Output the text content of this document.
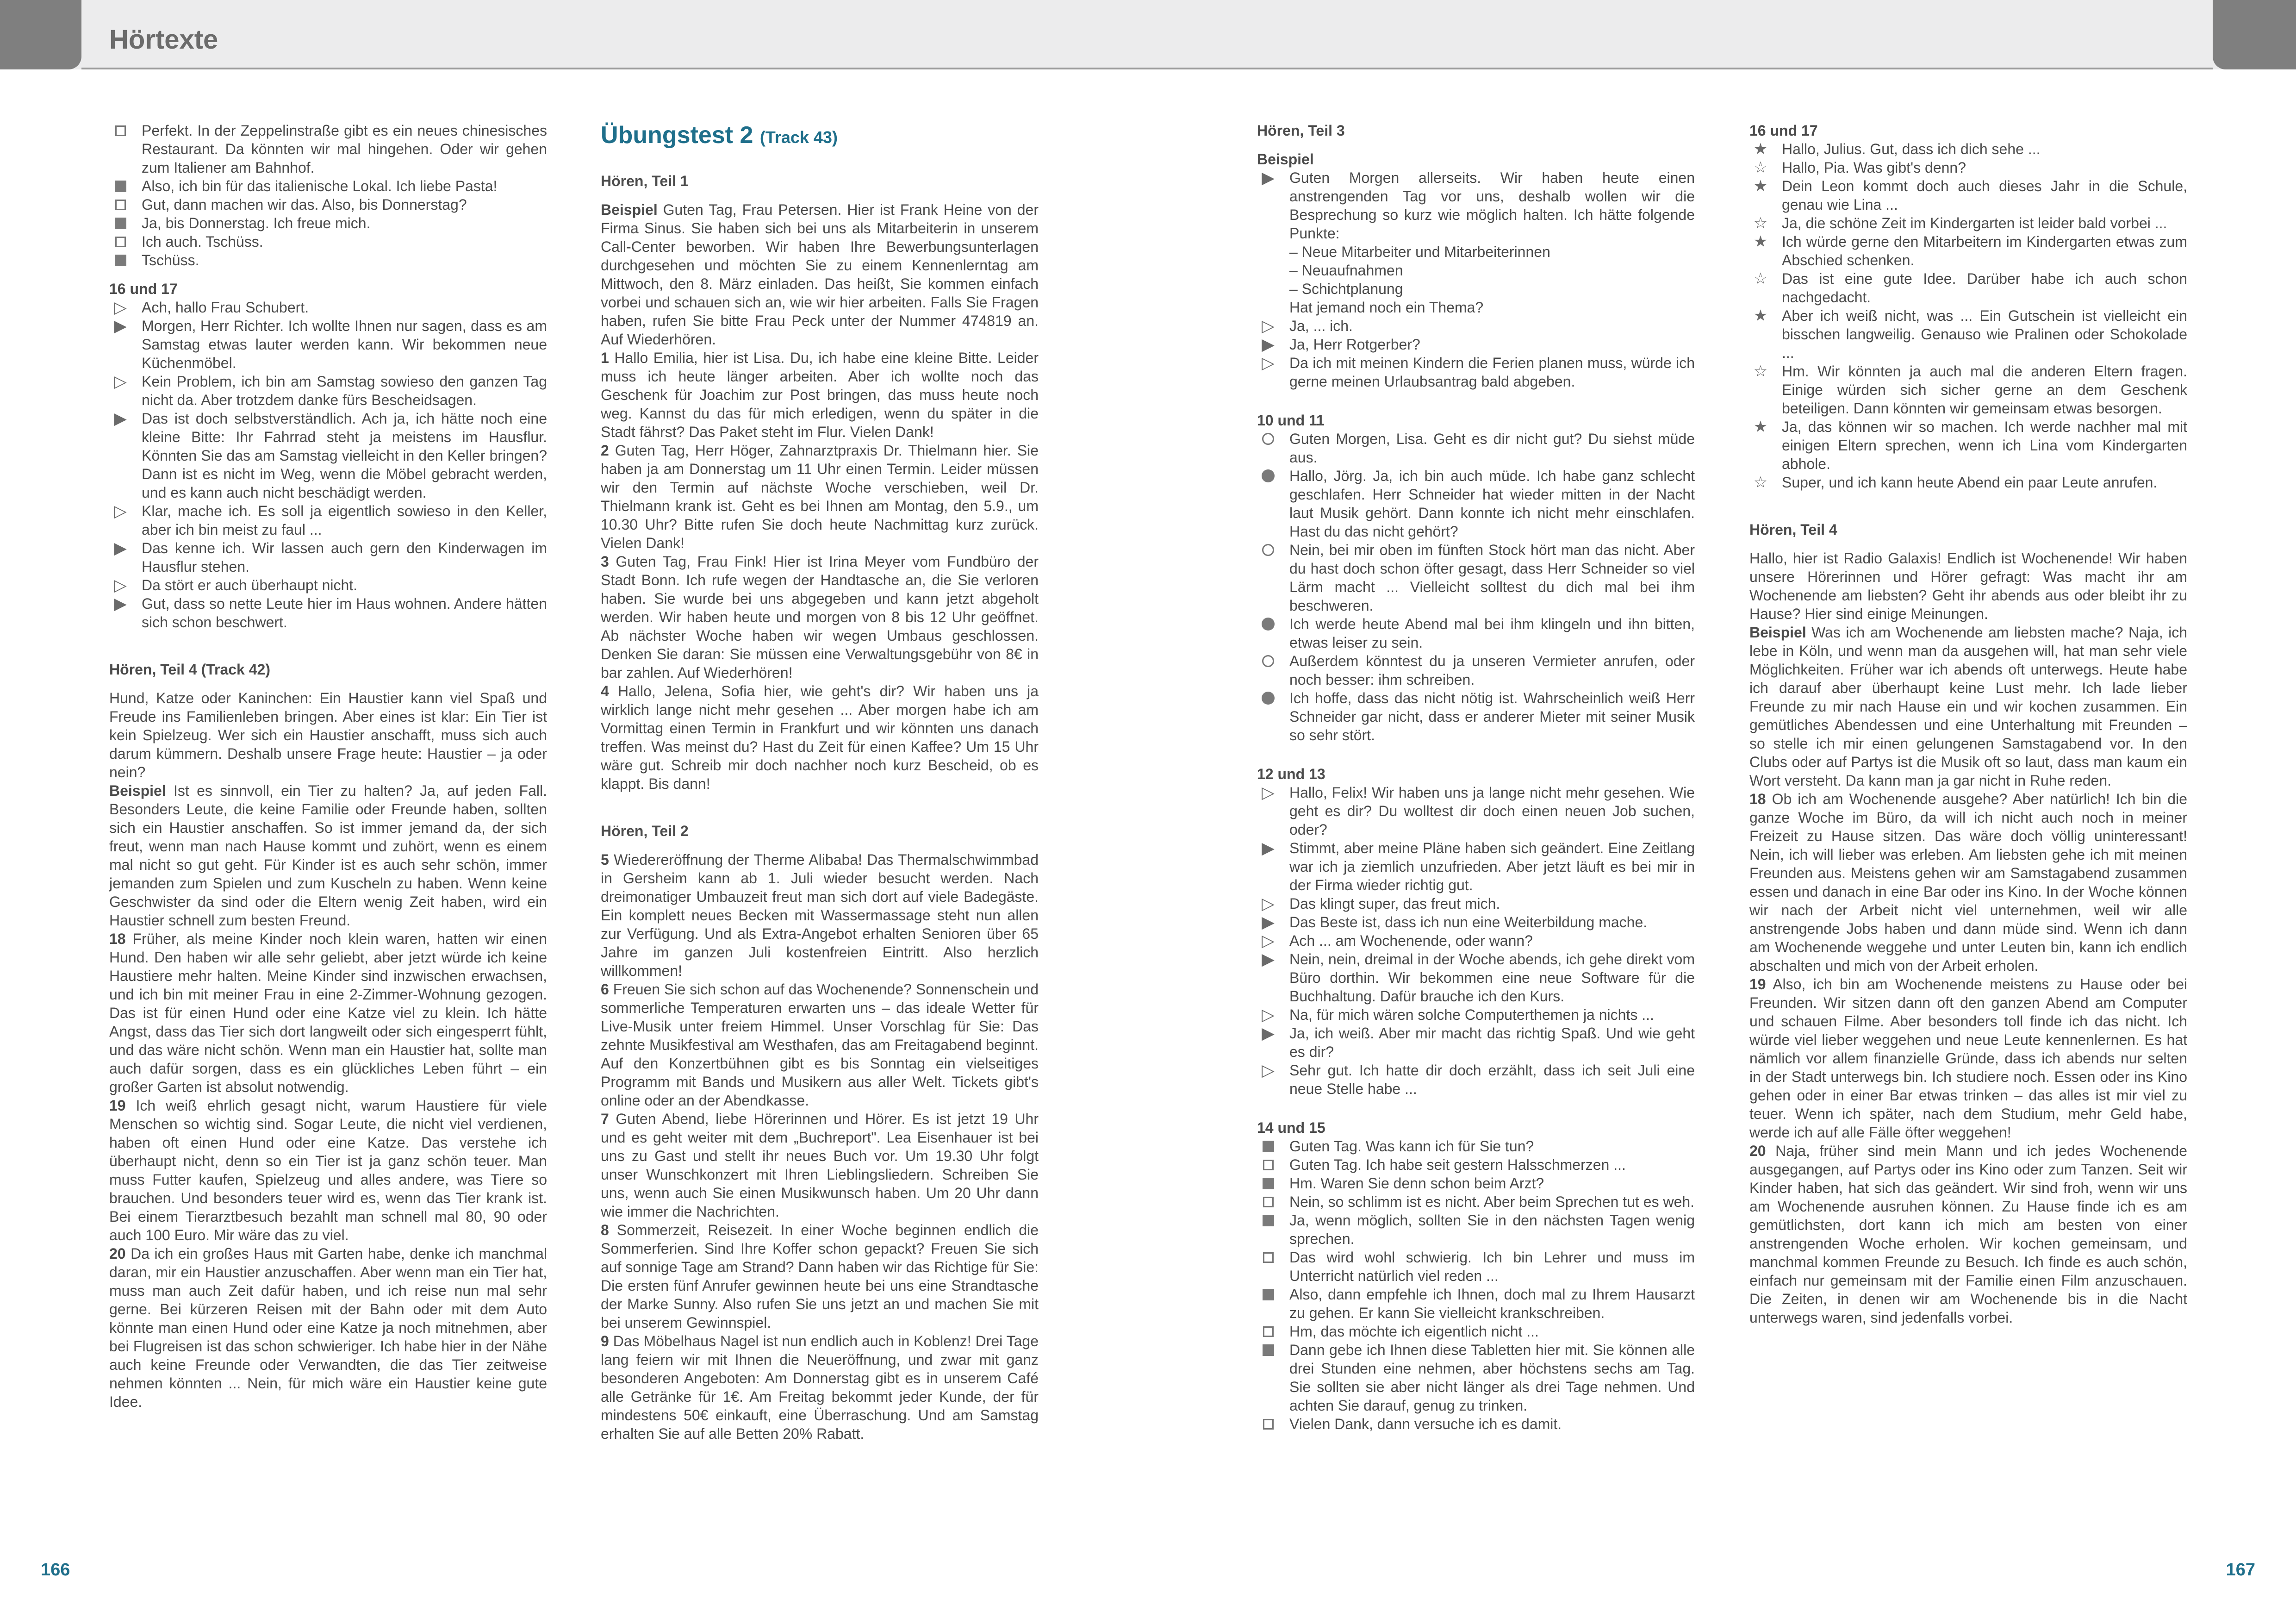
Hörtexte

Perfekt. In der Zeppelinstraße gibt es ein neues chinesisches Restaurant. Da könnten wir mal hingehen. Oder wir gehen zum Italiener am Bahnhof.

Also, ich bin für das italienische Lokal. Ich liebe Pasta!

Gut, dann machen wir das. Also, bis Donnerstag?

Ja, bis Donnerstag. Ich freue mich.

Ich auch. Tschüss.

Tschüss.

16 und 17

▷ Ach, hallo Frau Schubert.

▶ Morgen, Herr Richter. Ich wollte Ihnen nur sagen, dass es am Samstag etwas lauter werden kann. Wir bekommen neue Küchenmöbel.

▷ Kein Problem, ich bin am Samstag sowieso den ganzen Tag nicht da. Aber trotzdem danke fürs Bescheidsagen.

▶ Das ist doch selbstverständlich. Ach ja, ich hätte noch eine kleine Bitte: Ihr Fahrrad steht ja meistens im Hausflur. Könnten Sie das am Samstag vielleicht in den Keller bringen? Dann ist es nicht im Weg, wenn die Möbel gebracht werden, und es kann auch nicht beschädigt werden.

▷ Klar, mache ich. Es soll ja eigentlich sowieso in den Keller, aber ich bin meist zu faul ...

▶ Das kenne ich. Wir lassen auch gern den Kinderwagen im Hausflur stehen.

▷ Da stört er auch überhaupt nicht.

▶ Gut, dass so nette Leute hier im Haus wohnen. Andere hätten sich schon beschwert.

Hören, Teil 4 (Track 42)

Hund, Katze oder Kaninchen: Ein Haustier kann viel Spaß und Freude ins Familienleben bringen. Aber eines ist klar: Ein Tier ist kein Spielzeug. Wer sich ein Haustier anschafft, muss sich auch darum kümmern. Deshalb unsere Frage heute: Haustier – ja oder nein?

Beispiel Ist es sinnvoll, ein Tier zu halten? Ja, auf jeden Fall. Besonders Leute, die keine Familie oder Freunde haben, sollten sich ein Haustier anschaffen. So ist immer jemand da, der sich freut, wenn man nach Hause kommt und zuhört, wenn es einem mal nicht so gut geht. Für Kinder ist es auch sehr schön, immer jemanden zum Spielen und zum Kuscheln zu haben. Wenn keine Geschwister da sind oder die Eltern wenig Zeit haben, wird ein Haustier schnell zum besten Freund.

18 Früher, als meine Kinder noch klein waren, hatten wir einen Hund. Den haben wir alle sehr geliebt, aber jetzt würde ich keine Haustiere mehr halten. Meine Kinder sind inzwischen erwachsen, und ich bin mit meiner Frau in eine 2-Zimmer-Wohnung gezogen. Das ist für einen Hund oder eine Katze viel zu klein. Ich hätte Angst, dass das Tier sich dort langweilt oder sich eingesperrt fühlt, und das wäre nicht schön. Wenn man ein Haustier hat, sollte man auch dafür sorgen, dass es ein glückliches Leben führt – ein großer Garten ist absolut notwendig.

19 Ich weiß ehrlich gesagt nicht, warum Haustiere für viele Menschen so wichtig sind. Sogar Leute, die nicht viel verdienen, haben oft einen Hund oder eine Katze. Das verstehe ich überhaupt nicht, denn so ein Tier ist ja ganz schön teuer. Man muss Futter kaufen, Spielzeug und alles andere, was Tiere so brauchen. Und besonders teuer wird es, wenn das Tier krank ist. Bei einem Tierarztbesuch bezahlt man schnell mal 80, 90 oder auch 100 Euro. Mir wäre das zu viel.

20 Da ich ein großes Haus mit Garten habe, denke ich manchmal daran, mir ein Haustier anzuschaffen. Aber wenn man ein Tier hat, muss man auch Zeit dafür haben, und ich reise nun mal sehr gerne. Bei kürzeren Reisen mit der Bahn oder mit dem Auto könnte man einen Hund oder eine Katze ja noch mitnehmen, aber bei Flugreisen ist das schon schwieriger. Ich habe hier in der Nähe auch keine Freunde oder Verwandten, die das Tier zeitweise nehmen könnten ... Nein, für mich wäre ein Haustier keine gute Idee.

Übungstest 2 (Track 43)

Hören, Teil 1

Beispiel Guten Tag, Frau Petersen. Hier ist Frank Heine von der Firma Sinus. Sie haben sich bei uns als Mitarbeiterin in unserem Call-Center beworben. Wir haben Ihre Bewerbungsunterlagen durchgesehen und möchten Sie zu einem Kennenlerntag am Mittwoch, den 8. März einladen. Das heißt, Sie kommen einfach vorbei und schauen sich an, wie wir hier arbeiten. Falls Sie Fragen haben, rufen Sie bitte Frau Peck unter der Nummer 474819 an. Auf Wiederhören.

1 Hallo Emilia, hier ist Lisa. Du, ich habe eine kleine Bitte. Leider muss ich heute länger arbeiten. Aber ich wollte noch das Geschenk für Joachim zur Post bringen, das muss heute noch weg. Kannst du das für mich erledigen, wenn du später in die Stadt fährst? Das Paket steht im Flur. Vielen Dank!

2 Guten Tag, Herr Höger, Zahnarztpraxis Dr. Thielmann hier. Sie haben ja am Donnerstag um 11 Uhr einen Termin. Leider müssen wir den Termin auf nächste Woche verschieben, weil Dr. Thielmann krank ist. Geht es bei Ihnen am Montag, den 5.9., um 10.30 Uhr? Bitte rufen Sie doch heute Nachmittag kurz zurück. Vielen Dank!

3 Guten Tag, Frau Fink! Hier ist Irina Meyer vom Fundbüro der Stadt Bonn. Ich rufe wegen der Handtasche an, die Sie verloren haben. Sie wurde bei uns abgegeben und kann jetzt abgeholt werden. Wir haben heute und morgen von 8 bis 12 Uhr geöffnet. Ab nächster Woche haben wir wegen Umbaus geschlossen. Denken Sie daran: Sie müssen eine Verwaltungsgebühr von 8€ in bar zahlen. Auf Wiederhören!

4 Hallo, Jelena, Sofia hier, wie geht's dir? Wir haben uns ja wirklich lange nicht mehr gesehen ... Aber morgen habe ich am Vormittag einen Termin in Frankfurt und wir könnten uns danach treffen. Was meinst du? Hast du Zeit für einen Kaffee? Um 15 Uhr wäre gut. Schreib mir doch nachher noch kurz Bescheid, ob es klappt. Bis dann!

Hören, Teil 2

5 Wiedereröffnung der Therme Alibaba! Das Thermalschwimmbad in Gersheim kann ab 1. Juli wieder besucht werden. Nach dreimonatiger Umbauzeit freut man sich dort auf viele Badegäste. Ein komplett neues Becken mit Wassermassage steht nun allen zur Verfügung. Und als Extra-Angebot erhalten Senioren über 65 Jahre im ganzen Juli kostenfreien Eintritt. Also herzlich willkommen!

6 Freuen Sie sich schon auf das Wochenende? Sonnenschein und sommerliche Temperaturen erwarten uns – das ideale Wetter für Live-Musik unter freiem Himmel. Unser Vorschlag für Sie: Das zehnte Musikfestival am Westhafen, das am Freitagabend beginnt. Auf den Konzertbühnen gibt es bis Sonntag ein vielseitiges Programm mit Bands und Musikern aus aller Welt. Tickets gibt's online oder an der Abendkasse.

7 Guten Abend, liebe Hörerinnen und Hörer. Es ist jetzt 19 Uhr und es geht weiter mit dem „Buchreport". Lea Eisenhauer ist bei uns zu Gast und stellt ihr neues Buch vor. Um 19.30 Uhr folgt unser Wunschkonzert mit Ihren Lieblingsliedern. Schreiben Sie uns, wenn auch Sie einen Musikwunsch haben. Um 20 Uhr dann wie immer die Nachrichten.

8 Sommerzeit, Reisezeit. In einer Woche beginnen endlich die Sommerferien. Sind Ihre Koffer schon gepackt? Freuen Sie sich auf sonnige Tage am Strand? Dann haben wir das Richtige für Sie: Die ersten fünf Anrufer gewinnen heute bei uns eine Strandtasche der Marke Sunny. Also rufen Sie uns jetzt an und machen Sie mit bei unserem Gewinnspiel.

9 Das Möbelhaus Nagel ist nun endlich auch in Koblenz! Drei Tage lang feiern wir mit Ihnen die Neueröffnung, und zwar mit ganz besonderen Angeboten: Am Donnerstag gibt es in unserem Café alle Getränke für 1€. Am Freitag bekommt jeder Kunde, der für mindestens 50€ einkauft, eine Überraschung. Und am Samstag erhalten Sie auf alle Betten 20% Rabatt.

Hören, Teil 3

Beispiel

▶ Guten Morgen allerseits. Wir haben heute einen anstrengenden Tag vor uns, deshalb wollen wir die Besprechung so kurz wie möglich halten. Ich hätte folgende Punkte:

– Neue Mitarbeiter und Mitarbeiterinnen

– Neuaufnahmen

– Schichtplanung

Hat jemand noch ein Thema?

▷ Ja, ... ich.

▶ Ja, Herr Rotgerber?

▷ Da ich mit meinen Kindern die Ferien planen muss, würde ich gerne meinen Urlaubsantrag bald abgeben.

10 und 11

Guten Morgen, Lisa. Geht es dir nicht gut? Du siehst müde aus.

Hallo, Jörg. Ja, ich bin auch müde. Ich habe ganz schlecht geschlafen. Herr Schneider hat wieder mitten in der Nacht laut Musik gehört. Dann konnte ich nicht mehr einschlafen. Hast du das nicht gehört?

Nein, bei mir oben im fünften Stock hört man das nicht. Aber du hast doch schon öfter gesagt, dass Herr Schneider so viel Lärm macht ... Vielleicht solltest du dich mal bei ihm beschweren.

Ich werde heute Abend mal bei ihm klingeln und ihn bitten, etwas leiser zu sein.

Außerdem könntest du ja unseren Vermieter anrufen, oder noch besser: ihm schreiben.

Ich hoffe, dass das nicht nötig ist. Wahrscheinlich weiß Herr Schneider gar nicht, dass er anderer Mieter mit seiner Musik so sehr stört.

12 und 13

▷ Hallo, Felix! Wir haben uns ja lange nicht mehr gesehen. Wie geht es dir? Du wolltest dir doch einen neuen Job suchen, oder?

▶ Stimmt, aber meine Pläne haben sich geändert. Eine Zeitlang war ich ja ziemlich unzufrieden. Aber jetzt läuft es bei mir in der Firma wieder richtig gut.

▷ Das klingt super, das freut mich.

▶ Das Beste ist, dass ich nun eine Weiterbildung mache.

▷ Ach ... am Wochenende, oder wann?

▶ Nein, nein, dreimal in der Woche abends, ich gehe direkt vom Büro dorthin. Wir bekommen eine neue Software für die Buchhaltung. Dafür brauche ich den Kurs.

▷ Na, für mich wären solche Computerthemen ja nichts ...

▶ Ja, ich weiß. Aber mir macht das richtig Spaß. Und wie geht es dir?

▷ Sehr gut. Ich hatte dir doch erzählt, dass ich seit Juli eine neue Stelle habe ...

14 und 15

Guten Tag. Was kann ich für Sie tun?

Guten Tag. Ich habe seit gestern Halsschmerzen ...

Hm. Waren Sie denn schon beim Arzt?

Nein, so schlimm ist es nicht. Aber beim Sprechen tut es weh.

Ja, wenn möglich, sollten Sie in den nächsten Tagen wenig sprechen.

Das wird wohl schwierig. Ich bin Lehrer und muss im Unterricht natürlich viel reden ...

Also, dann empfehle ich Ihnen, doch mal zu Ihrem Hausarzt zu gehen. Er kann Sie vielleicht krankschreiben.

Hm, das möchte ich eigentlich nicht ...

Dann gebe ich Ihnen diese Tabletten hier mit. Sie können alle drei Stunden eine nehmen, aber höchstens sechs am Tag. Sie sollten sie aber nicht länger als drei Tage nehmen. Und achten Sie darauf, genug zu trinken.

Vielen Dank, dann versuche ich es damit.

16 und 17

★ Hallo, Julius. Gut, dass ich dich sehe ...

☆ Hallo, Pia. Was gibt's denn?

★ Dein Leon kommt doch auch dieses Jahr in die Schule, genau wie Lina ...

☆ Ja, die schöne Zeit im Kindergarten ist leider bald vorbei ...

★ Ich würde gerne den Mitarbeitern im Kindergarten etwas zum Abschied schenken.

☆ Das ist eine gute Idee. Darüber habe ich auch schon nachgedacht.

★ Aber ich weiß nicht, was ... Ein Gutschein ist vielleicht ein bisschen langweilig. Genauso wie Pralinen oder Schokolade ...

☆ Hm. Wir könnten ja auch mal die anderen Eltern fragen. Einige würden sich sicher gerne an dem Geschenk beteiligen. Dann könnten wir gemeinsam etwas besorgen.

★ Ja, das können wir so machen. Ich werde nachher mal mit einigen Eltern sprechen, wenn ich Lina vom Kindergarten abhole.

☆ Super, und ich kann heute Abend ein paar Leute anrufen.

Hören, Teil 4

Hallo, hier ist Radio Galaxis! Endlich ist Wochenende! Wir haben unsere Hörerinnen und Hörer gefragt: Was macht ihr am Wochenende am liebsten? Geht ihr abends aus oder bleibt ihr zu Hause? Hier sind einige Meinungen.

Beispiel Was ich am Wochenende am liebsten mache? Naja, ich lebe in Köln, und wenn man da ausgehen will, hat man sehr viele Möglichkeiten. Früher war ich abends oft unterwegs. Heute habe ich darauf aber überhaupt keine Lust mehr. Ich lade lieber Freunde zu mir nach Hause ein und wir kochen zusammen. Ein gemütliches Abendessen und eine Unterhaltung mit Freunden – so stelle ich mir einen gelungenen Samstagabend vor. In den Clubs oder auf Partys ist die Musik oft so laut, dass man kaum ein Wort versteht. Da kann man ja gar nicht in Ruhe reden.

18 Ob ich am Wochenende ausgehe? Aber natürlich! Ich bin die ganze Woche im Büro, da will ich nicht auch noch in meiner Freizeit zu Hause sitzen. Das wäre doch völlig uninteressant! Nein, ich will lieber was erleben. Am liebsten gehe ich mit meinen Freunden aus. Meistens gehen wir am Samstagabend zusammen essen und danach in eine Bar oder ins Kino. In der Woche können wir nach der Arbeit nicht viel unternehmen, weil wir alle anstrengende Jobs haben und dann müde sind. Wenn ich dann am Wochenende weggehe und unter Leuten bin, kann ich endlich abschalten und mich von der Arbeit erholen.

19 Also, ich bin am Wochenende meistens zu Hause oder bei Freunden. Wir sitzen dann oft den ganzen Abend am Computer und schauen Filme. Aber besonders toll finde ich das nicht. Ich würde viel lieber weggehen und neue Leute kennenlernen. Es hat nämlich vor allem finanzielle Gründe, dass ich abends nur selten in der Stadt unterwegs bin. Ich studiere noch. Essen oder ins Kino gehen oder in einer Bar etwas trinken – das alles ist mir viel zu teuer. Wenn ich später, nach dem Studium, mehr Geld habe, werde ich auf alle Fälle öfter weggehen!

20 Naja, früher sind mein Mann und ich jedes Wochenende ausgegangen, auf Partys oder ins Kino oder zum Tanzen. Seit wir Kinder haben, hat sich das geändert. Wir sind froh, wenn wir uns am Wochenende ausruhen können. Zu Hause finde ich es am gemütlichsten, dort kann ich mich am besten von einer anstrengenden Woche erholen. Wir kochen gemeinsam, und manchmal kommen Freunde zu Besuch. Ich finde es auch schön, einfach nur gemeinsam mit der Familie einen Film anzuschauen. Die Zeiten, in denen wir am Wochenende bis in die Nacht unterwegs waren, sind jedenfalls vorbei.

166	167
